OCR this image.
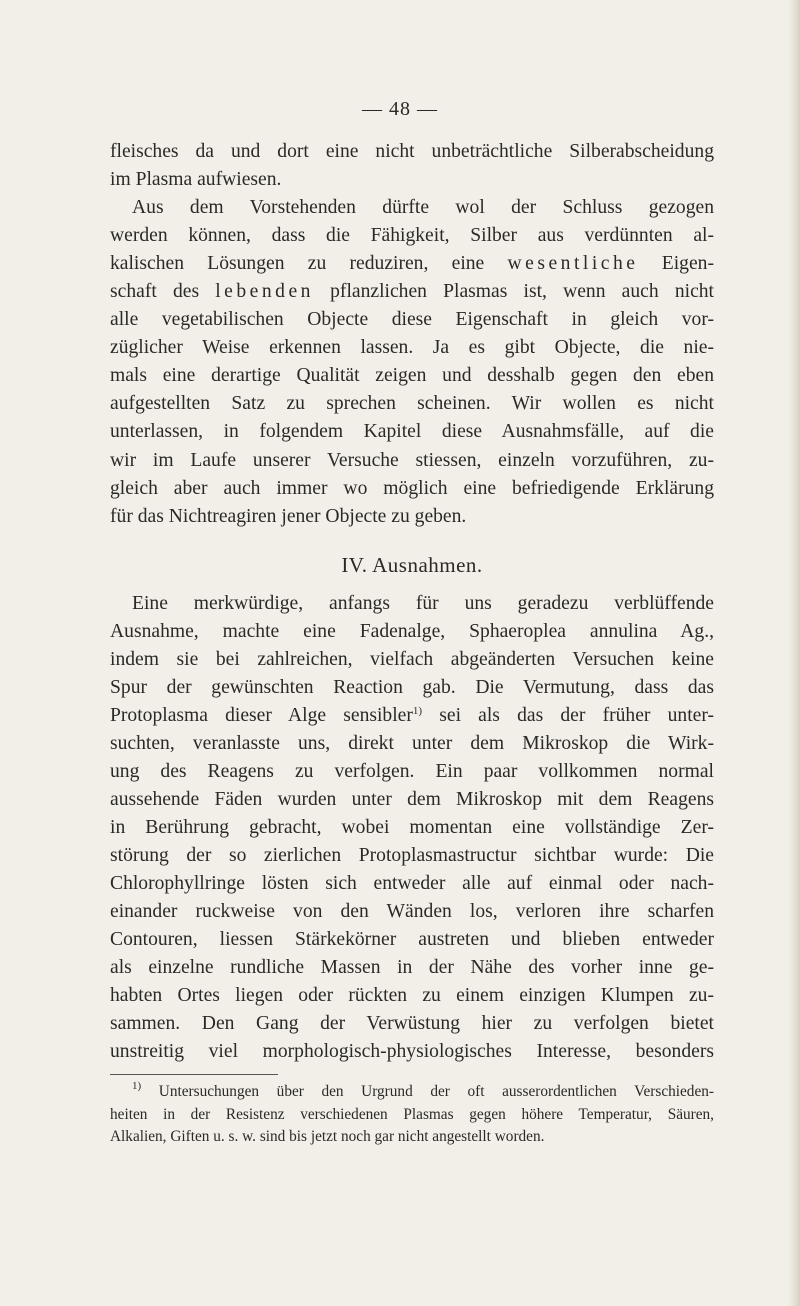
— 48 —
fleisches da und dort eine nicht unbeträchtliche Silberabscheidung
im Plasma aufwiesen.
Aus dem Vorstehenden dürfte wol der Schluss gezogen
werden können, dass die Fähigkeit, Silber aus verdünnten al-
kalischen Lösungen zu reduziren, eine wesentliche Eigen-
schaft des lebenden pflanzlichen Plasmas ist, wenn auch nicht
alle vegetabilischen Objecte diese Eigenschaft in gleich vor-
züglicher Weise erkennen lassen. Ja es gibt Objecte, die nie-
mals eine derartige Qualität zeigen und desshalb gegen den eben
aufgestellten Satz zu sprechen scheinen. Wir wollen es nicht
unterlassen, in folgendem Kapitel diese Ausnahmsfälle, auf die
wir im Laufe unserer Versuche stiessen, einzeln vorzuführen, zu-
gleich aber auch immer wo möglich eine befriedigende Erklärung
für das Nichtreagiren jener Objecte zu geben.
IV. Ausnahmen.
Eine merkwürdige, anfangs für uns geradezu verblüffende
Ausnahme, machte eine Fadenalge, Sphaeroplea annulina Ag.,
indem sie bei zahlreichen, vielfach abgeänderten Versuchen keine
Spur der gewünschten Reaction gab. Die Vermutung, dass das
Protoplasma dieser Alge sensibler$^{1)}$ sei als das der früher unter-
suchten, veranlasste uns, direkt unter dem Mikroskop die Wirk-
ung des Reagens zu verfolgen. Ein paar vollkommen normal
aussehende Fäden wurden unter dem Mikroskop mit dem Reagens
in Berührung gebracht, wobei momentan eine vollständige Zer-
störung der so zierlichen Protoplasmastructur sichtbar wurde: Die
Chlorophyllringe lösten sich entweder alle auf einmal oder nach-
einander ruckweise von den Wänden los, verloren ihre scharfen
Contouren, liessen Stärkekörner austreten und blieben entweder
als einzelne rundliche Massen in der Nähe des vorher inne ge-
habten Ortes liegen oder rückten zu einem einzigen Klumpen zu-
sammen. Den Gang der Verwüstung hier zu verfolgen bietet
unstreitig viel morphologisch-physiologisches Interesse, besonders
$^{1)}$ Untersuchungen über den Urgrund der oft ausserordentlichen Verschieden-
heiten in der Resistenz verschiedenen Plasmas gegen höhere Temperatur, Säuren,
Alkalien, Giften u. s. w. sind bis jetzt noch gar nicht angestellt worden.
